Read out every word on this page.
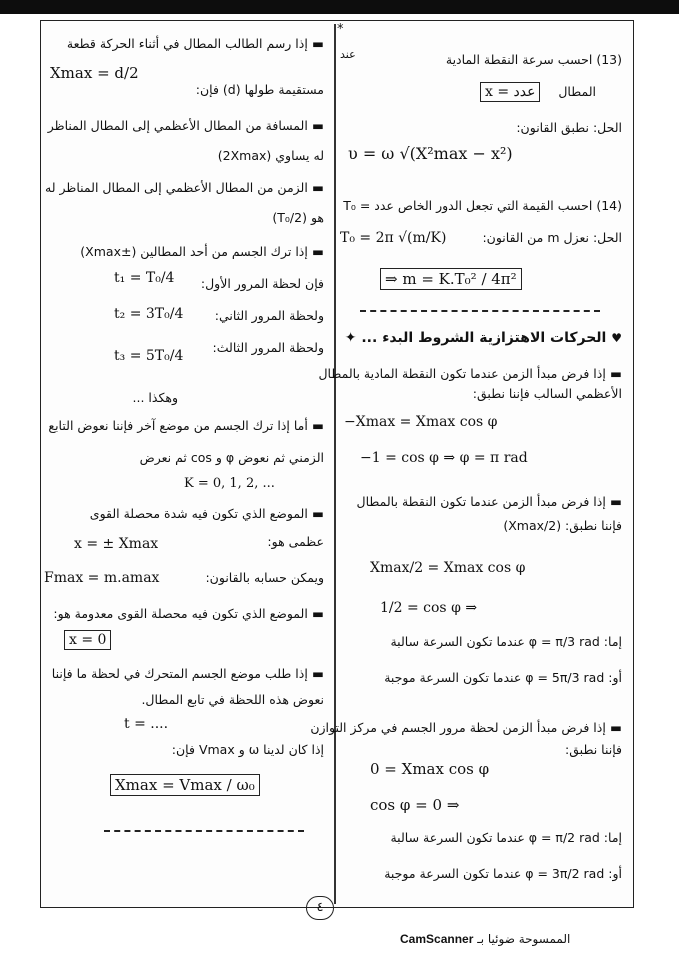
*
عند	(13) احسب سرعة النقطة المادية
المطال
x = عدد
الحل: نطبق القانون:
υ = ω √(X²max − x²)
(14) احسب القيمة التي تجعل الدور الخاص عدد = T₀
الحل: نعزل m من القانون:
T₀ = 2π √(m/K)
⇒ m = K.T₀² / 4π²
♥ الحركات الاهتزازية الشروط البدء ... ✦
▬ إذا فرض مبدأ الزمن عندما تكون النقطة المادية بالمطال
الأعظمي السالب فإننا نطبق:
−Xmax = Xmax cos φ
−1 = cos φ ⇒ φ = π rad
▬ إذا فرض مبدأ الزمن عندما تكون النقطة بالمطال
فإننا نطبق: (Xmax/2)
Xmax/2 = Xmax cos φ
1/2 = cos φ ⇒
إما: φ = π/3 rad عندما تكون السرعة سالبة
أو: φ = 5π/3 rad عندما تكون السرعة موجبة
▬ إذا فرض مبدأ الزمن لحظة مرور الجسم في مركز التوازن
فإننا نطبق:
0 = Xmax cos φ
cos φ = 0 ⇒
إما: φ = π/2 rad عندما تكون السرعة سالبة
أو: φ = 3π/2 rad عندما تكون السرعة موجبة
▬ إذا رسم الطالب المطال في أثناء الحركة قطعة
Xmax = d/2
مستقيمة طولها (d) فإن:
▬ المسافة من المطال الأعظمي إلى المطال المناظر
له يساوي (2Xmax)
▬ الزمن من المطال الأعظمي إلى المطال المناظر له
هو (T₀/2)
▬ إذا ترك الجسم من أحد المطالين (±Xmax)
فإن لحظة المرور الأول:
t₁ = T₀/4
ولحظة المرور الثاني:
t₂ = 3T₀/4
ولحظة المرور الثالث:
t₃ = 5T₀/4
وهكذا ...
▬ أما إذا ترك الجسم من موضع آخر فإننا نعوض التابع
الزمني ثم نعوض φ و cos ثم نعرض
K = 0, 1, 2, ...
▬ الموضع الذي تكون فيه شدة محصلة القوى
عظمى هو:
x = ± Xmax
ويمكن حسابه بالقانون:
Fmax = m.amax
▬ الموضع الذي تكون فيه محصلة القوى معدومة هو:
x = 0
▬ إذا طلب موضع الجسم المتحرك في لحظة ما فإننا
نعوض هذه اللحظة في تابع المطال.
t = ....
إذا كان لدينا ω و Vmax فإن:
Xmax = Vmax / ω₀
٤
الممسوحة ضوئيا بـ CamScanner
